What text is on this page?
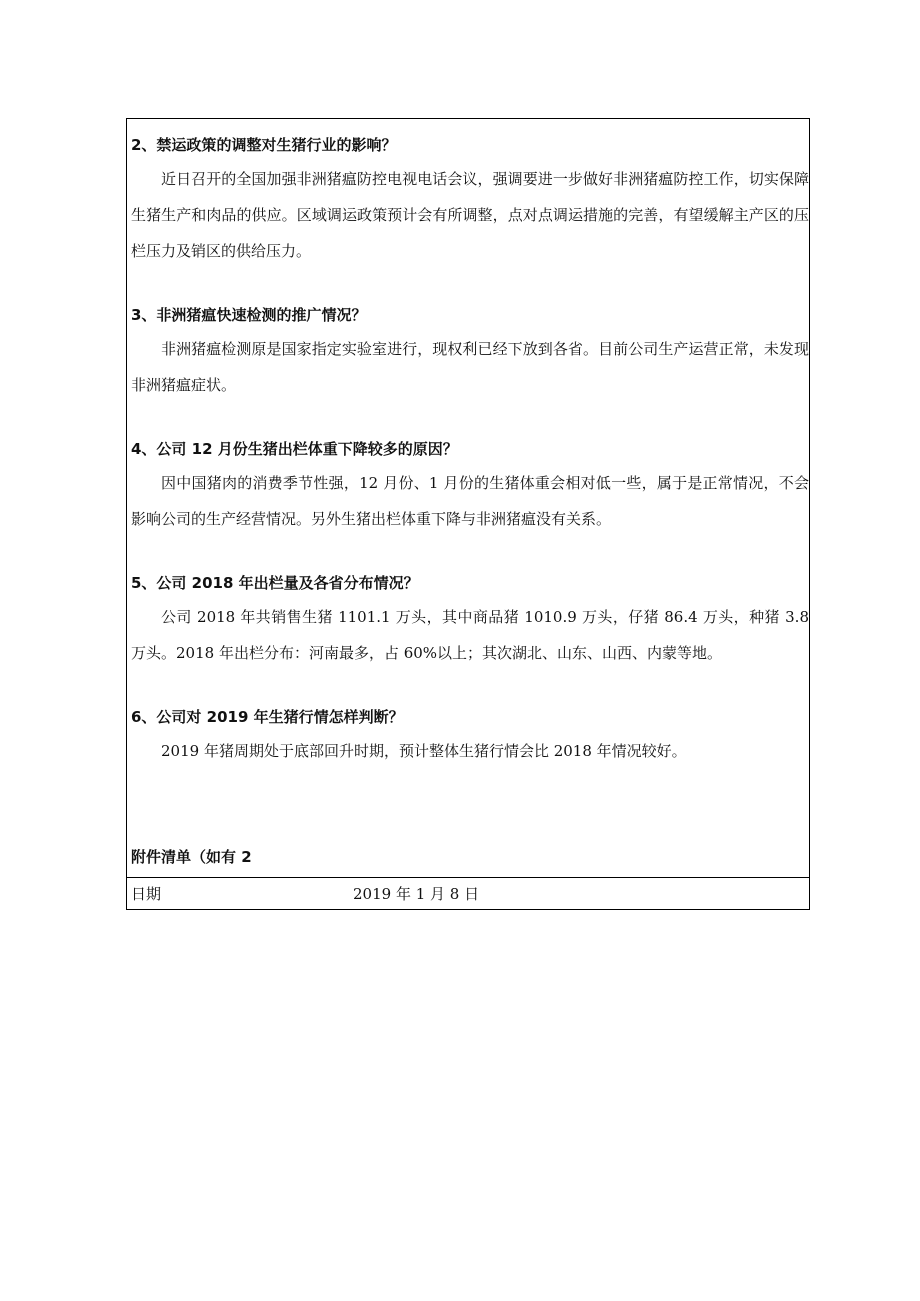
2、禁运政策的调整对生猪行业的影响？

近日召开的全国加强非洲猪瘟防控电视电话会议，强调要进一步做好非洲猪瘟防控工作，切实保障生猪生产和肉品的供应。区域调运政策预计会有所调整，点对点调运措施的完善，有望缓解主产区的压栏压力及销区的供给压力。

3、非洲猪瘟快速检测的推广情况？

非洲猪瘟检测原是国家指定实验室进行，现权利已经下放到各省。目前公司生产运营正常，未发现非洲猪瘟症状。

4、公司 12 月份生猪出栏体重下降较多的原因？

因中国猪肉的消费季节性强，12 月份、1 月份的生猪体重会相对低一些，属于是正常情况，不会影响公司的生产经营情况。另外生猪出栏体重下降与非洲猪瘟没有关系。

5、公司 2018 年出栏量及各省分布情况？

公司 2018 年共销售生猪 1101.1 万头，其中商品猪 1010.9 万头，仔猪 86.4 万头，种猪 3.8 万头。2018 年出栏分布：河南最多，占 60%以上；其次湖北、山东、山西、内蒙等地。

6、公司对 2019 年生猪行情怎样判断？

2019 年猪周期处于底部回升时期，预计整体生猪行情会比 2018 年情况较好。

附件清单（如有 2
日期	2019 年 1 月 8 日
